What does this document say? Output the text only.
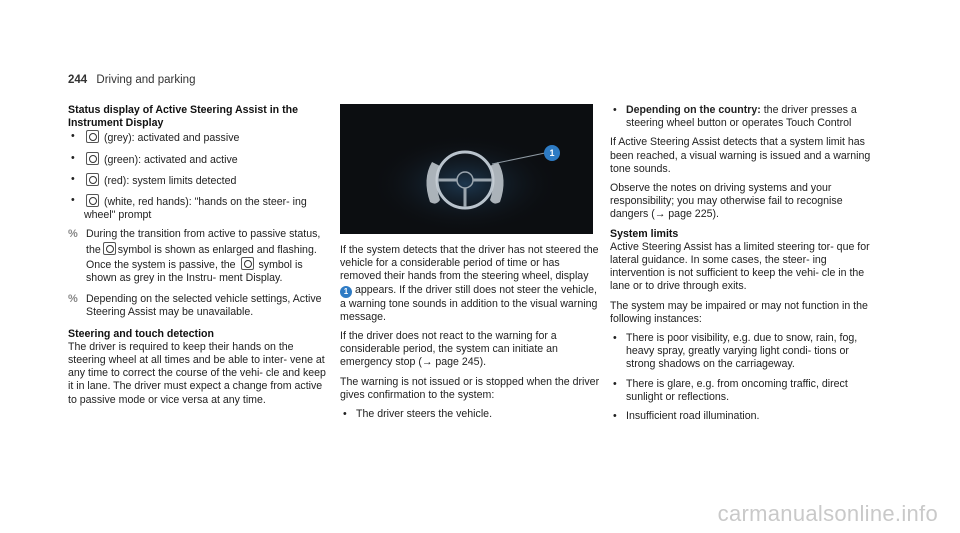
244 Driving and parking
Status display of Active Steering Assist in the Instrument Display
• (grey): activated and passive
• (green): activated and active
• (red): system limits detected
• (white, red hands): "hands on the steer- ing wheel" prompt
% During the transition from active to passive status, the symbol is shown as enlarged and flashing. Once the system is passive, the symbol is shown as grey in the Instru- ment Display.
% Depending on the selected vehicle settings, Active Steering Assist may be unavailable.
Steering and touch detection

The driver is required to keep their hands on the steering wheel at all times and be able to inter- vene at any time to correct the course of the vehi- cle and keep it in lane. The driver must expect a change from active to passive mode or vice versa at any time.

1

If the system detects that the driver has not steered the vehicle for a considerable period of time or has removed their hands from the steering wheel, display 1 appears. If the driver still does not steer the vehicle, a warning tone sounds in addition to the visual warning message.

If the driver does not react to the warning for a considerable period, the system can initiate an emergency stop (→ page 245).

The warning is not issued or is stopped when the driver gives confirmation to the system:

• The driver steers the vehicle.
• Depending on the country: the driver presses a steering wheel button or operates Touch Control

If Active Steering Assist detects that a system limit has been reached, a visual warning is issued and a warning tone sounds.

Observe the notes on driving systems and your responsibility; you may otherwise fail to recognise dangers (→ page 225).

System limits

Active Steering Assist has a limited steering tor- que for lateral guidance. In some cases, the steer- ing intervention is not sufficient to keep the vehi- cle in the lane or to drive through exits.

The system may be impaired or may not function in the following instances:

• There is poor visibility, e.g. due to snow, rain, fog, heavy spray, greatly varying light condi- tions or strong shadows on the carriageway.
• There is glare, e.g. from oncoming traffic, direct sunlight or reflections.
• Insufficient road illumination.
carmanualsonline.info
